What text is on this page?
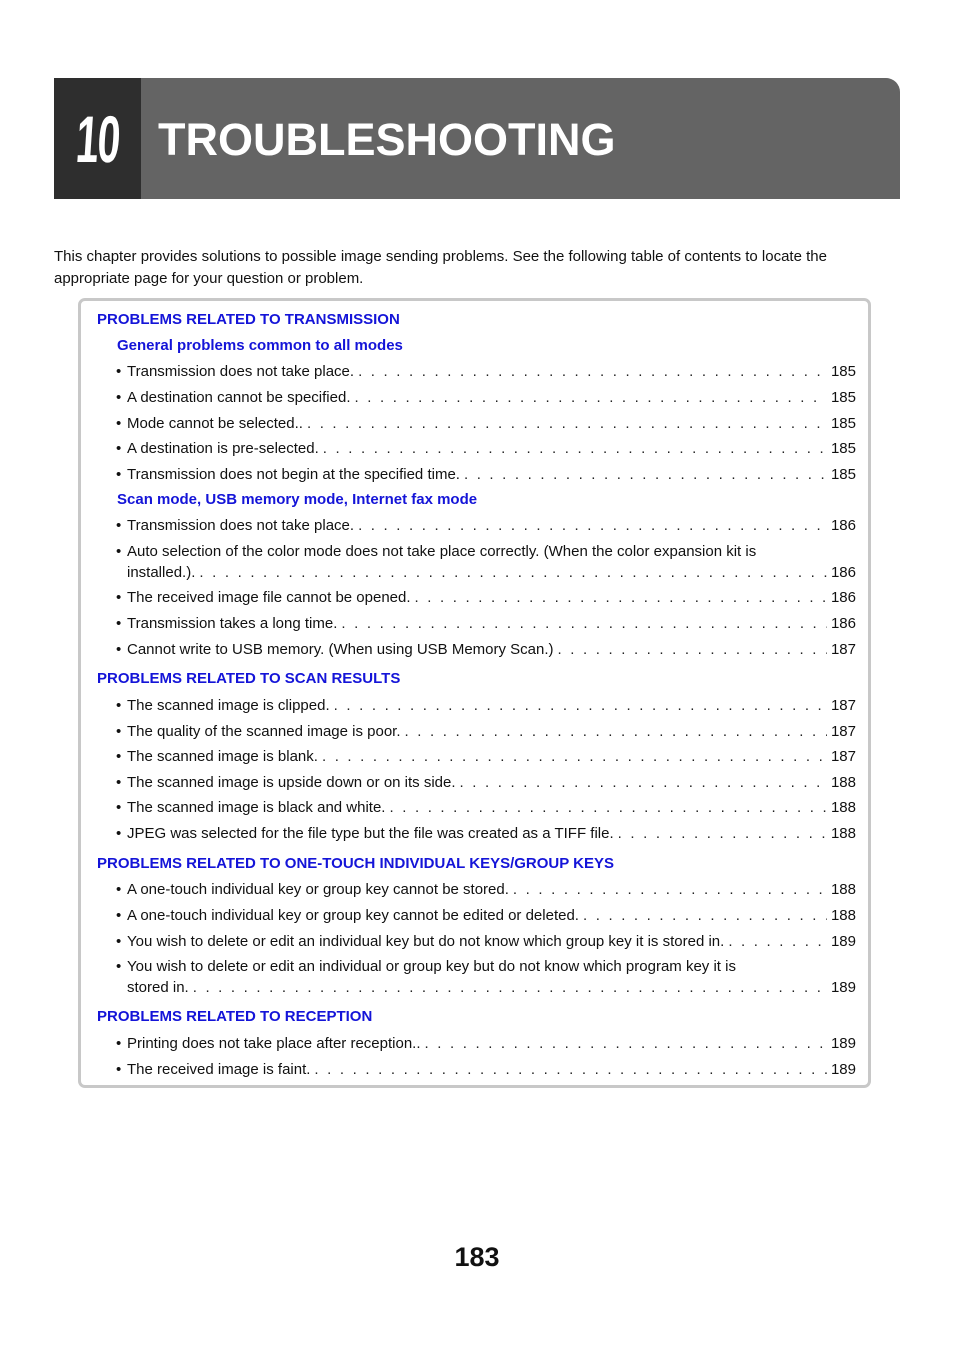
10 TROUBLESHOOTING
This chapter provides solutions to possible image sending problems. See the following table of contents to locate the appropriate page for your question or problem.
PROBLEMS RELATED TO TRANSMISSION
General problems common to all modes
• Transmission does not take place. . . .	185
• A destination cannot be specified. . . .	185
• Mode cannot be selected.. . . .	185
• A destination is pre-selected. . . .	185
• Transmission does not begin at the specified time. . . .	185
Scan mode, USB memory mode, Internet fax mode
• Transmission does not take place. . . .	186
• Auto selection of the color mode does not take place correctly. (When the color expansion kit is
installed.). . . .	186
• The received image file cannot be opened. . . .	186
• Transmission takes a long time. . . .	186
• Cannot write to USB memory. (When using USB Memory Scan.) . . .	187
PROBLEMS RELATED TO SCAN RESULTS
• The scanned image is clipped. . . .	187
• The quality of the scanned image is poor. . . .	187
• The scanned image is blank. . . .	187
• The scanned image is upside down or on its side. . . .	188
• The scanned image is black and white. . . .	188
• JPEG was selected for the file type but the file was created as a TIFF file. . . .	188
PROBLEMS RELATED TO ONE-TOUCH INDIVIDUAL KEYS/GROUP KEYS
• A one-touch individual key or group key cannot be stored. . . .	188
• A one-touch individual key or group key cannot be edited or deleted. . . .	188
• You wish to delete or edit an individual key but do not know which group key it is stored in. . . .	189
• You wish to delete or edit an individual or group key but do not know which program key it is
stored in. . . .	189
PROBLEMS RELATED TO RECEPTION
• Printing does not take place after reception.. . . .	189
• The received image is faint. . . .	189
183
